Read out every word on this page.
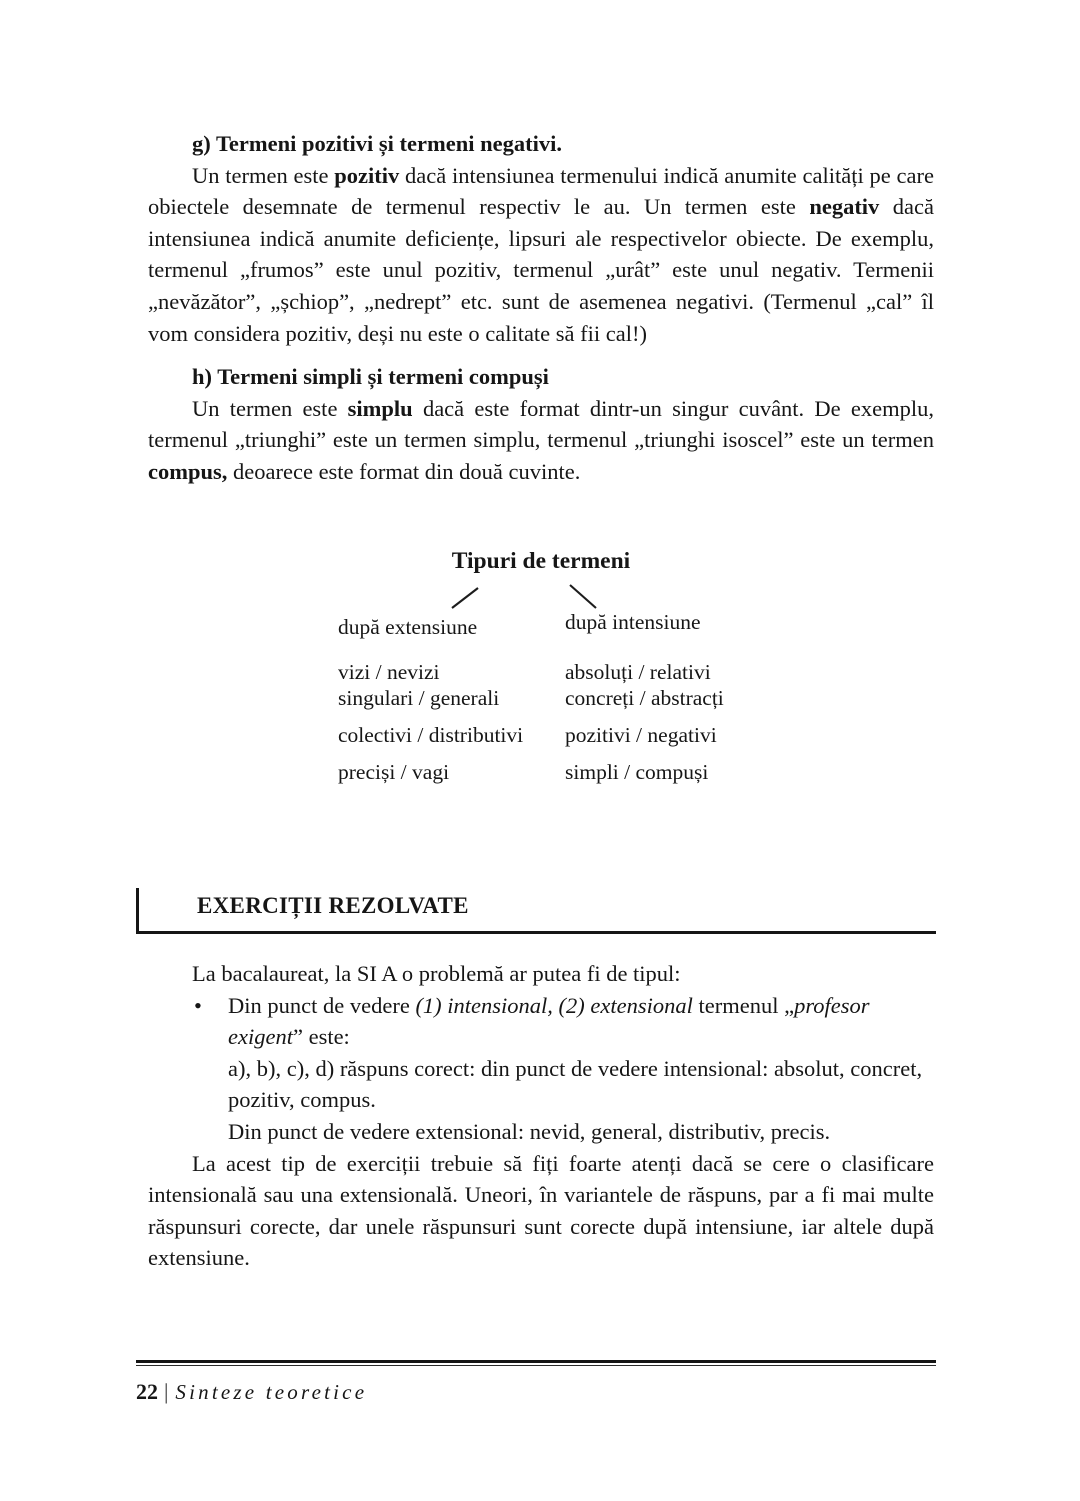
g) Termeni pozitivi și termeni negativi.

Un termen este pozitiv dacă intensiunea termenului indică anumite calități pe care obiectele desemnate de termenul respectiv le au. Un termen este negativ dacă intensiunea indică anumite deficiențe, lipsuri ale respectivelor obiecte. De exemplu, termenul „frumos” este unul pozitiv, termenul „urât” este unul negativ. Termenii „nevăzător”, „șchiop”, „nedrept” etc. sunt de asemenea negativi. (Termenul „cal” îl vom considera pozitiv, deși nu este o calitate să fii cal!)

h) Termeni simpli și termeni compuși

Un termen este simplu dacă este format dintr-un singur cuvânt. De exemplu, termenul „triunghi” este un termen simplu, termenul „triunghi isoscel” este un termen compus, deoarece este format din două cuvinte.

Tipuri de termeni
după extensiune	după intensiune
vizi / nevizi
singulari / generali
colectivi / distributivi
preciși / vagi
absoluți / relativi
concreți / abstracți
pozitivi / negativi
simpli / compuși
EXERCIȚII REZOLVATE

La bacalaureat, la SI A o problemă ar putea fi de tipul:

• Din punct de vedere (1) intensional, (2) extensional termenul „profesor exigent” este:

a), b), c), d) răspuns corect: din punct de vedere intensional: absolut, concret, pozitiv, compus.

Din punct de vedere extensional: nevid, general, distributiv, precis.

La acest tip de exerciții trebuie să fiți foarte atenți dacă se cere o clasificare intensională sau una extensională. Uneori, în variantele de răspuns, par a fi mai multe răspunsuri corecte, dar unele răspunsuri sunt corecte după intensiune, iar altele după extensiune.

22 | Sinteze teoretice
